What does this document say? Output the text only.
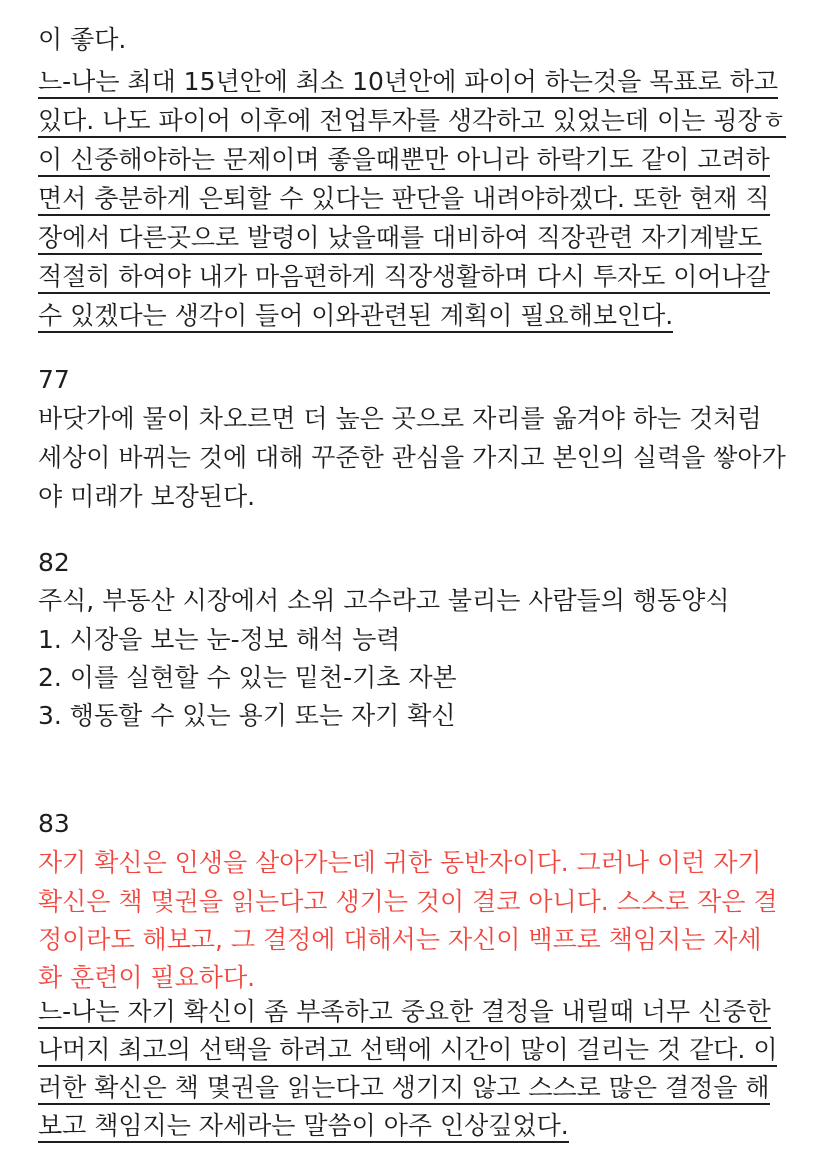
이 좋다.
느-나는 최대 15년안에 최소 10년안에 파이어 하는것을 목표로 하고
있다. 나도 파이어 이후에 전업투자를 생각하고 있었는데 이는 굉장ㅎ
이 신중해야하는 문제이며 좋을때뿐만 아니라 하락기도 같이 고려하
면서 충분하게 은퇴할 수 있다는 판단을 내려야하겠다. 또한 현재 직
장에서 다른곳으로 발령이 났을때를 대비하여 직장관련 자기계발도
적절히 하여야 내가 마음편하게 직장생활하며 다시 투자도 이어나갈
수 있겠다는 생각이 들어 이와관련된 계획이 필요해보인다.
77
바닷가에 물이 차오르면 더 높은 곳으로 자리를 옮겨야 하는 것처럼
세상이 바뀌는 것에 대해 꾸준한 관심을 가지고 본인의 실력을 쌓아가
야 미래가 보장된다.
82
주식, 부동산 시장에서 소위 고수라고 불리는 사람들의 행동양식
1. 시장을 보는 눈-정보 해석 능력
2. 이를 실현할 수 있는 밑천-기초 자본
3. 행동할 수 있는 용기 또는 자기 확신
83
자기 확신은 인생을 살아가는데 귀한 동반자이다. 그러나 이런 자기
확신은 책 몇권을 읽는다고 생기는 것이 결코 아니다. 스스로 작은 결
정이라도 해보고, 그 결정에 대해서는 자신이 백프로 책임지는 자세
화 훈련이 필요하다.
느-나는 자기 확신이 좀 부족하고 중요한 결정을 내릴때 너무 신중한
나머지 최고의 선택을 하려고 선택에 시간이 많이 걸리는 것 같다. 이
러한 확신은 책 몇권을 읽는다고 생기지 않고 스스로 많은 결정을 해
보고 책임지는 자세라는 말씀이 아주 인상깊었다.
